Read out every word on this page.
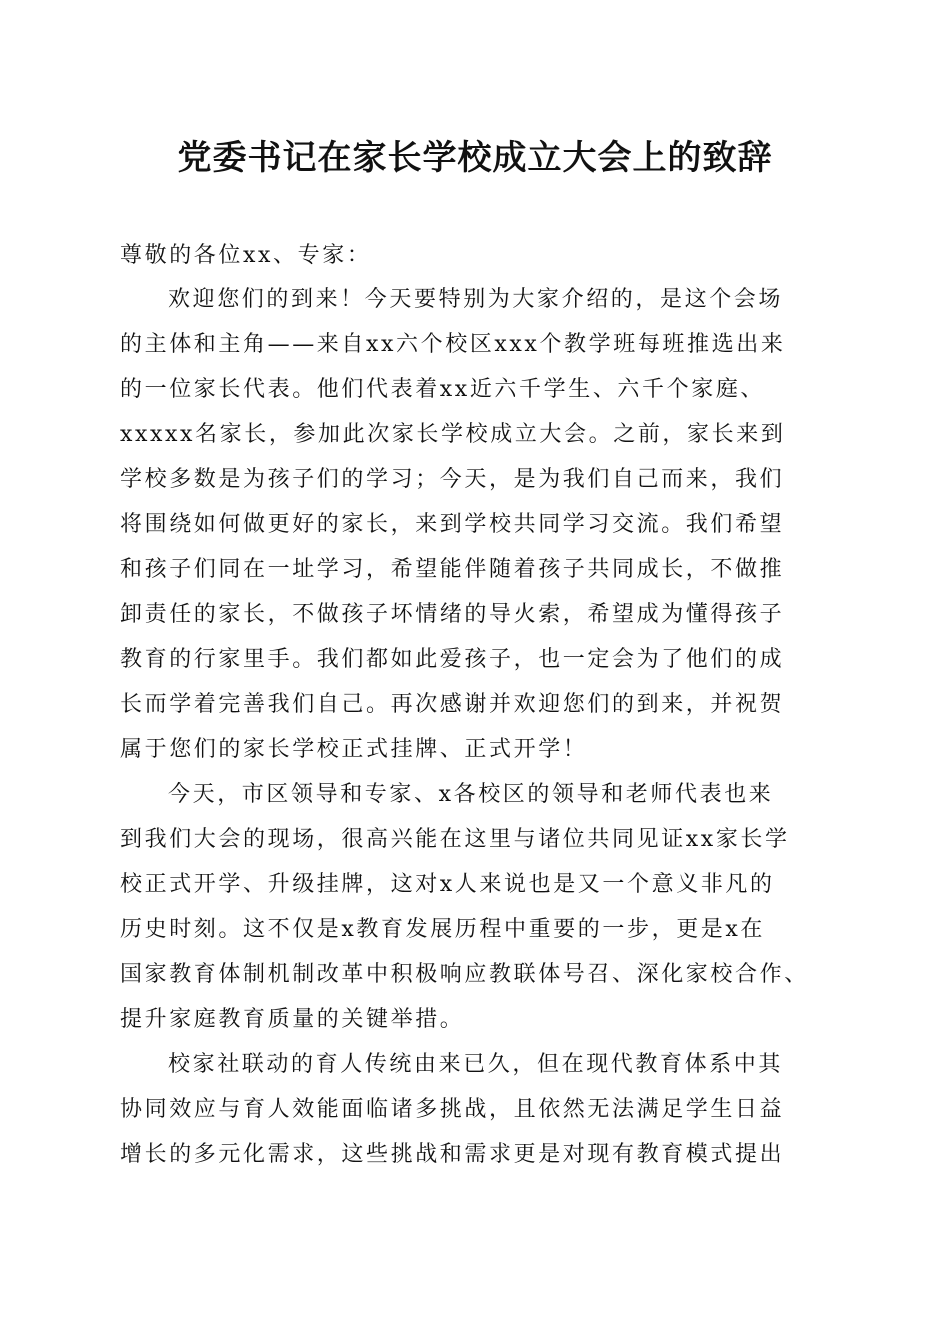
党委书记在家长学校成立大会上的致辞
尊敬的各位xx、专家：
欢迎您们的到来！今天要特别为大家介绍的，是这个会场
的主体和主角——来自xx六个校区xxx个教学班每班推选出来
的一位家长代表。他们代表着xx近六千学生、六千个家庭、
xxxxx名家长，参加此次家长学校成立大会。之前，家长来到
学校多数是为孩子们的学习；今天，是为我们自己而来，我们
将围绕如何做更好的家长，来到学校共同学习交流。我们希望
和孩子们同在一址学习，希望能伴随着孩子共同成长，不做推
卸责任的家长，不做孩子坏情绪的导火索，希望成为懂得孩子
教育的行家里手。我们都如此爱孩子，也一定会为了他们的成
长而学着完善我们自己。再次感谢并欢迎您们的到来，并祝贺
属于您们的家长学校正式挂牌、正式开学！
今天，市区领导和专家、x各校区的领导和老师代表也来
到我们大会的现场，很高兴能在这里与诸位共同见证xx家长学
校正式开学、升级挂牌，这对x人来说也是又一个意义非凡的
历史时刻。这不仅是x教育发展历程中重要的一步，更是x在
国家教育体制机制改革中积极响应教联体号召、深化家校合作、
提升家庭教育质量的关键举措。
校家社联动的育人传统由来已久，但在现代教育体系中其
协同效应与育人效能面临诸多挑战，且依然无法满足学生日益
增长的多元化需求，这些挑战和需求更是对现有教育模式提出
